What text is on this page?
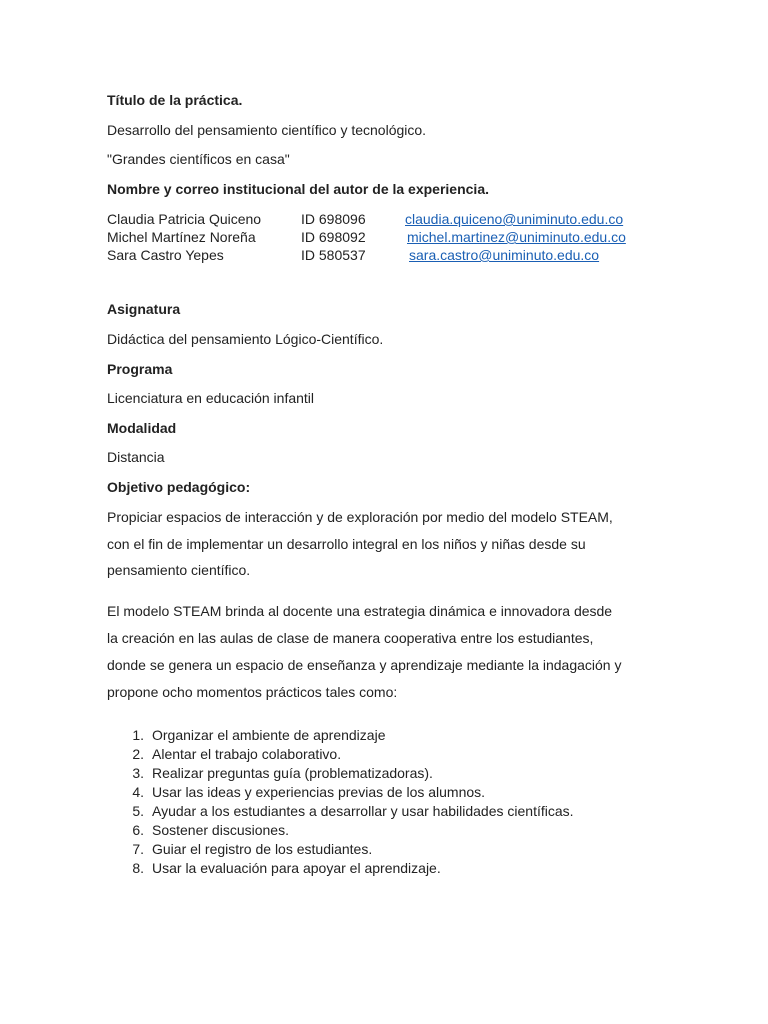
Título de la práctica.
Desarrollo del pensamiento científico y tecnológico.
"Grandes científicos en casa"
Nombre y correo institucional del autor de la experiencia.
Claudia Patricia Quiceno	ID 698096	claudia.quiceno@uniminuto.edu.co
Michel Martínez Noreña	ID 698092	michel.martinez@uniminuto.edu.co
Sara Castro Yepes	ID 580537	sara.castro@uniminuto.edu.co
Asignatura
Didáctica del pensamiento Lógico-Científico.
Programa
Licenciatura en educación infantil
Modalidad
Distancia
Objetivo pedagógico:
Propiciar espacios de interacción y de exploración por medio del modelo STEAM,
con el fin de implementar un desarrollo integral en los niños y niñas desde su
pensamiento científico.
El modelo STEAM brinda al docente una estrategia dinámica e innovadora desde
la creación en las aulas de clase de manera cooperativa entre los estudiantes,
donde se genera un espacio de enseñanza y aprendizaje mediante la indagación y
propone ocho momentos prácticos tales como:
1. Organizar el ambiente de aprendizaje
2. Alentar el trabajo colaborativo.
3. Realizar preguntas guía (problematizadoras).
4. Usar las ideas y experiencias previas de los alumnos.
5. Ayudar a los estudiantes a desarrollar y usar habilidades científicas.
6. Sostener discusiones.
7. Guiar el registro de los estudiantes.
8. Usar la evaluación para apoyar el aprendizaje.
